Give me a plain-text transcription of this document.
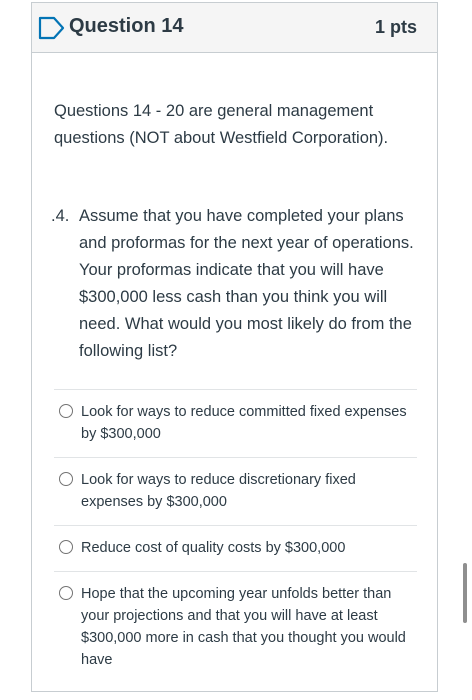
Question 14	1 pts

Questions 14 - 20 are general management questions (NOT about Westfield Corporation).

.4. Assume that you have completed your plans and proformas for the next year of operations. Your proformas indicate that you will have $300,000 less cash than you think you will need. What would you most likely do from the following list?
Look for ways to reduce committed fixed expenses by $300,000
Look for ways to reduce discretionary fixed expenses by $300,000
Reduce cost of quality costs by $300,000
Hope that the upcoming year unfolds better than your projections and that you will have at least $300,000 more in cash that you thought you would have
